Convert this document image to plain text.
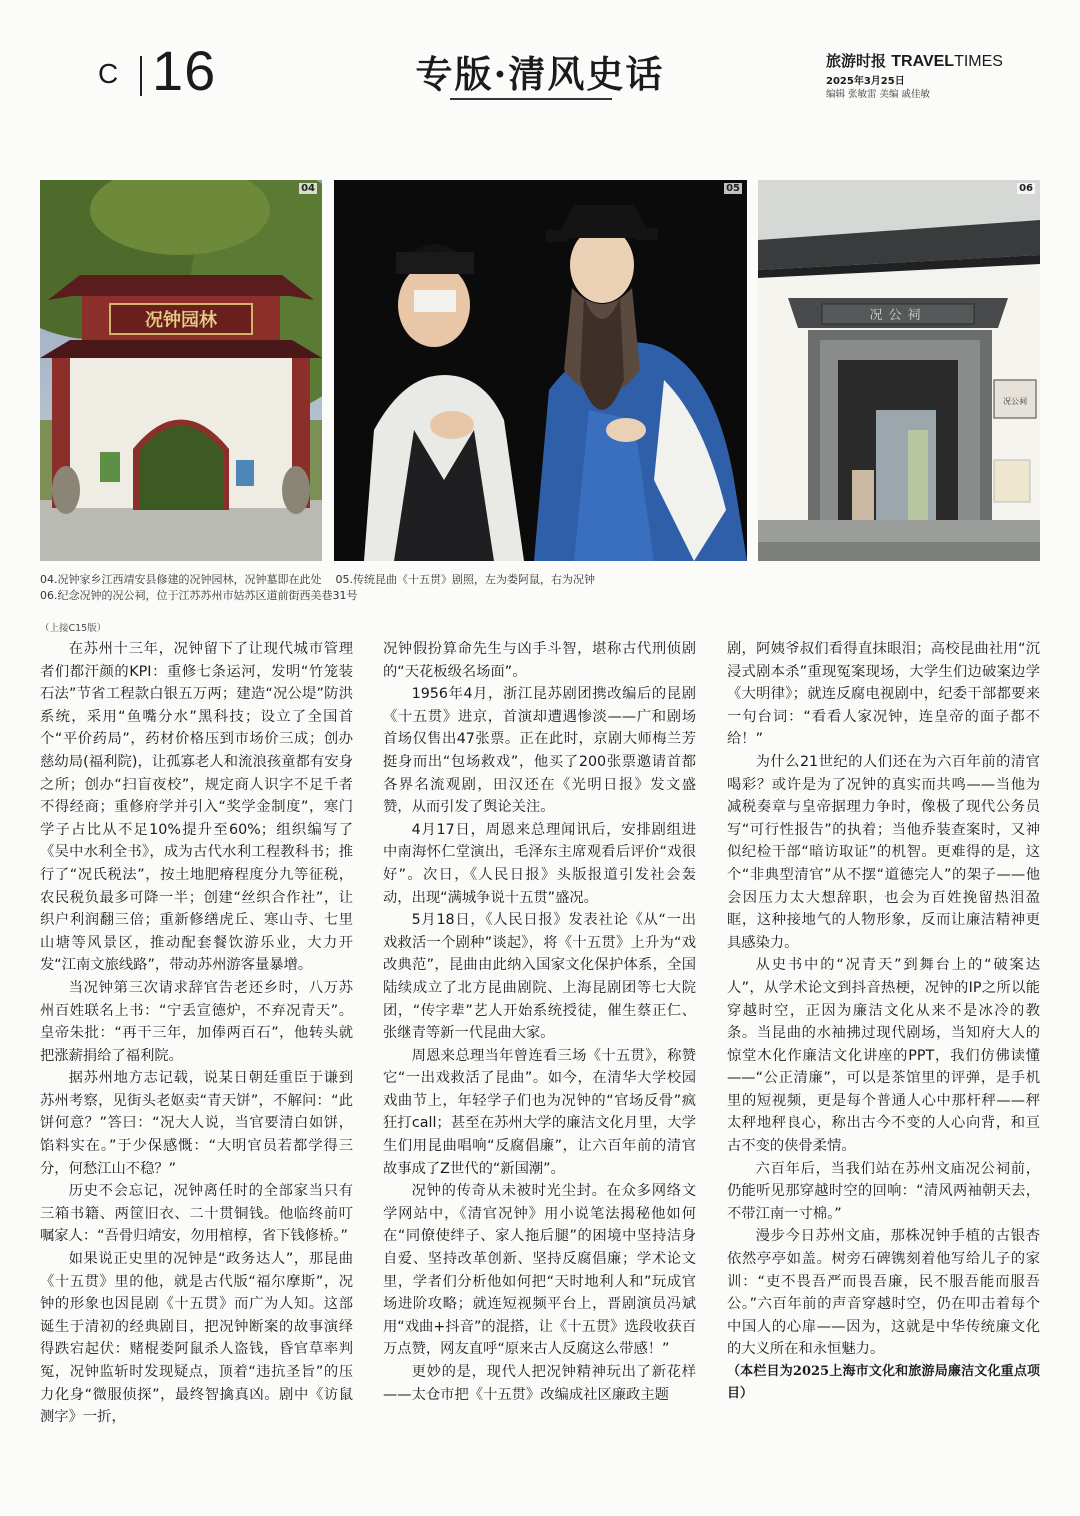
C 16	专版·清风史话	旅游时报 TRAVELTIMES
2025年3月25日
编辑 张敏雷 美编 戚佳敏
况钟园林
04	05
况公祠
况公祠
06
04.况钟家乡江西靖安县修建的况钟园林，况钟墓即在此处 05.传统昆曲《十五贯》剧照，左为娄阿鼠，右为况钟
06.纪念况钟的况公祠，位于江苏苏州市姑苏区道前街西美巷31号
（上接C15版）

在苏州十三年，况钟留下了让现代城市管理者们都汗颜的KPI：重修七条运河，发明“竹笼装石法”节省工程款白银五万两；建造“况公堤”防洪系统，采用“鱼嘴分水”黑科技；设立了全国首个“平价药局”，药材价格压到市场价三成；创办慈幼局(福利院)，让孤寡老人和流浪孩童都有安身之所；创办“扫盲夜校”，规定商人识字不足千者不得经商；重修府学并引入“奖学金制度”，寒门学子占比从不足10%提升至60%；组织编写了《吴中水利全书》，成为古代水利工程教科书；推行了“况氏税法”，按土地肥瘠程度分九等征税，农民税负最多可降一半；创建“丝织合作社”，让织户利润翻三倍；重新修缮虎丘、寒山寺、七里山塘等风景区，推动配套餐饮游乐业，大力开发“江南文旅线路”，带动苏州游客量暴增。

当况钟第三次请求辞官告老还乡时，八万苏州百姓联名上书：“宁丢宣德炉，不弃况青天”。皇帝朱批：“再干三年，加俸两百石”，他转头就把涨薪捐给了福利院。

据苏州地方志记载，说某日朝廷重臣于谦到苏州考察，见街头老妪卖“青天饼”，不解问：“此饼何意？”答曰：“况大人说，当官要清白如饼，馅料实在。”于少保感慨：“大明官员若都学得三分，何愁江山不稳？”

历史不会忘记，况钟离任时的全部家当只有三箱书籍、两筐旧衣、二十贯铜钱。他临终前叮嘱家人：“吾骨归靖安，勿用棺椁，省下钱修桥。”

如果说正史里的况钟是“政务达人”，那昆曲《十五贯》里的他，就是古代版“福尔摩斯”，况钟的形象也因昆剧《十五贯》而广为人知。这部诞生于清初的经典剧目，把况钟断案的故事演绎得跌宕起伏：赌棍娄阿鼠杀人盗钱，昏官草率判冤，况钟监斩时发现疑点，顶着“违抗圣旨”的压力化身“微服侦探”，最终智擒真凶。剧中《访鼠测字》一折，

况钟假扮算命先生与凶手斗智，堪称古代刑侦剧的“天花板级名场面”。

1956年4月，浙江昆苏剧团携改编后的昆剧《十五贯》进京，首演却遭遇惨淡——广和剧场首场仅售出47张票。正在此时，京剧大师梅兰芳挺身而出“包场救戏”，他买了200张票邀请首都各界名流观剧，田汉还在《光明日报》发文盛赞，从而引发了舆论关注。

4月17日，周恩来总理闻讯后，安排剧组进中南海怀仁堂演出，毛泽东主席观看后评价“戏很好”。次日，《人民日报》头版报道引发社会轰动，出现“满城争说十五贯”盛况。

5月18日，《人民日报》发表社论《从“一出戏救活一个剧种”谈起》，将《十五贯》上升为“戏改典范”，昆曲由此纳入国家文化保护体系，全国陆续成立了北方昆曲剧院、上海昆剧团等七大院团，“传字辈”艺人开始系统授徒，催生蔡正仁、张继青等新一代昆曲大家。

周恩来总理当年曾连看三场《十五贯》，称赞它“一出戏救活了昆曲”。如今，在清华大学校园戏曲节上，年轻学子们也为况钟的“官场反骨”疯狂打call；甚至在苏州大学的廉洁文化月里，大学生们用昆曲唱响“反腐倡廉”，让六百年前的清官故事成了Z世代的“新国潮”。

况钟的传奇从未被时光尘封。在众多网络文学网站中，《清官况钟》用小说笔法揭秘他如何在“同僚使绊子、家人拖后腿”的困境中坚持洁身自爱、坚持改革创新、坚持反腐倡廉；学术论文里，学者们分析他如何把“天时地利人和”玩成官场进阶攻略；就连短视频平台上，晋剧演员冯斌用“戏曲+抖音”的混搭，让《十五贯》选段收获百万点赞，网友直呼“原来古人反腐这么带感！”

更妙的是，现代人把况钟精神玩出了新花样——太仓市把《十五贯》改编成社区廉政主题

剧，阿姨爷叔们看得直抹眼泪；高校昆曲社用“沉浸式剧本杀”重现冤案现场，大学生们边破案边学《大明律》；就连反腐电视剧中，纪委干部都要来一句台词：“看看人家况钟，连皇帝的面子都不给！”

为什么21世纪的人们还在为六百年前的清官喝彩？或许是为了况钟的真实而共鸣——当他为减税奏章与皇帝据理力争时，像极了现代公务员写“可行性报告”的执着；当他乔装查案时，又神似纪检干部“暗访取证”的机智。更难得的是，这个“非典型清官”从不摆“道德完人”的架子——他会因压力太大想辞职，也会为百姓挽留热泪盈眶，这种接地气的人物形象，反而让廉洁精神更具感染力。

从史书中的“况青天”到舞台上的“破案达人”，从学术论文到抖音热梗，况钟的IP之所以能穿越时空，正因为廉洁文化从来不是冰冷的教条。当昆曲的水袖拂过现代剧场，当知府大人的惊堂木化作廉洁文化讲座的PPT，我们仿佛读懂——“公正清廉”，可以是茶馆里的评弹，是手机里的短视频，更是每个普通人心中那杆秤——秤太秤地秤良心，称出古今不变的人心向背，和亘古不变的侠骨柔情。

六百年后，当我们站在苏州文庙况公祠前，仍能听见那穿越时空的回响：“清风两袖朝天去，不带江南一寸棉。”

漫步今日苏州文庙，那株况钟手植的古银杏依然亭亭如盖。树旁石碑镌刻着他写给儿子的家训：“吏不畏吾严而畏吾廉，民不服吾能而服吾公。”六百年前的声音穿越时空，仍在叩击着每个中国人的心扉——因为，这就是中华传统廉文化的大义所在和永恒魅力。

（本栏目为2025上海市文化和旅游局廉洁文化重点项目）
